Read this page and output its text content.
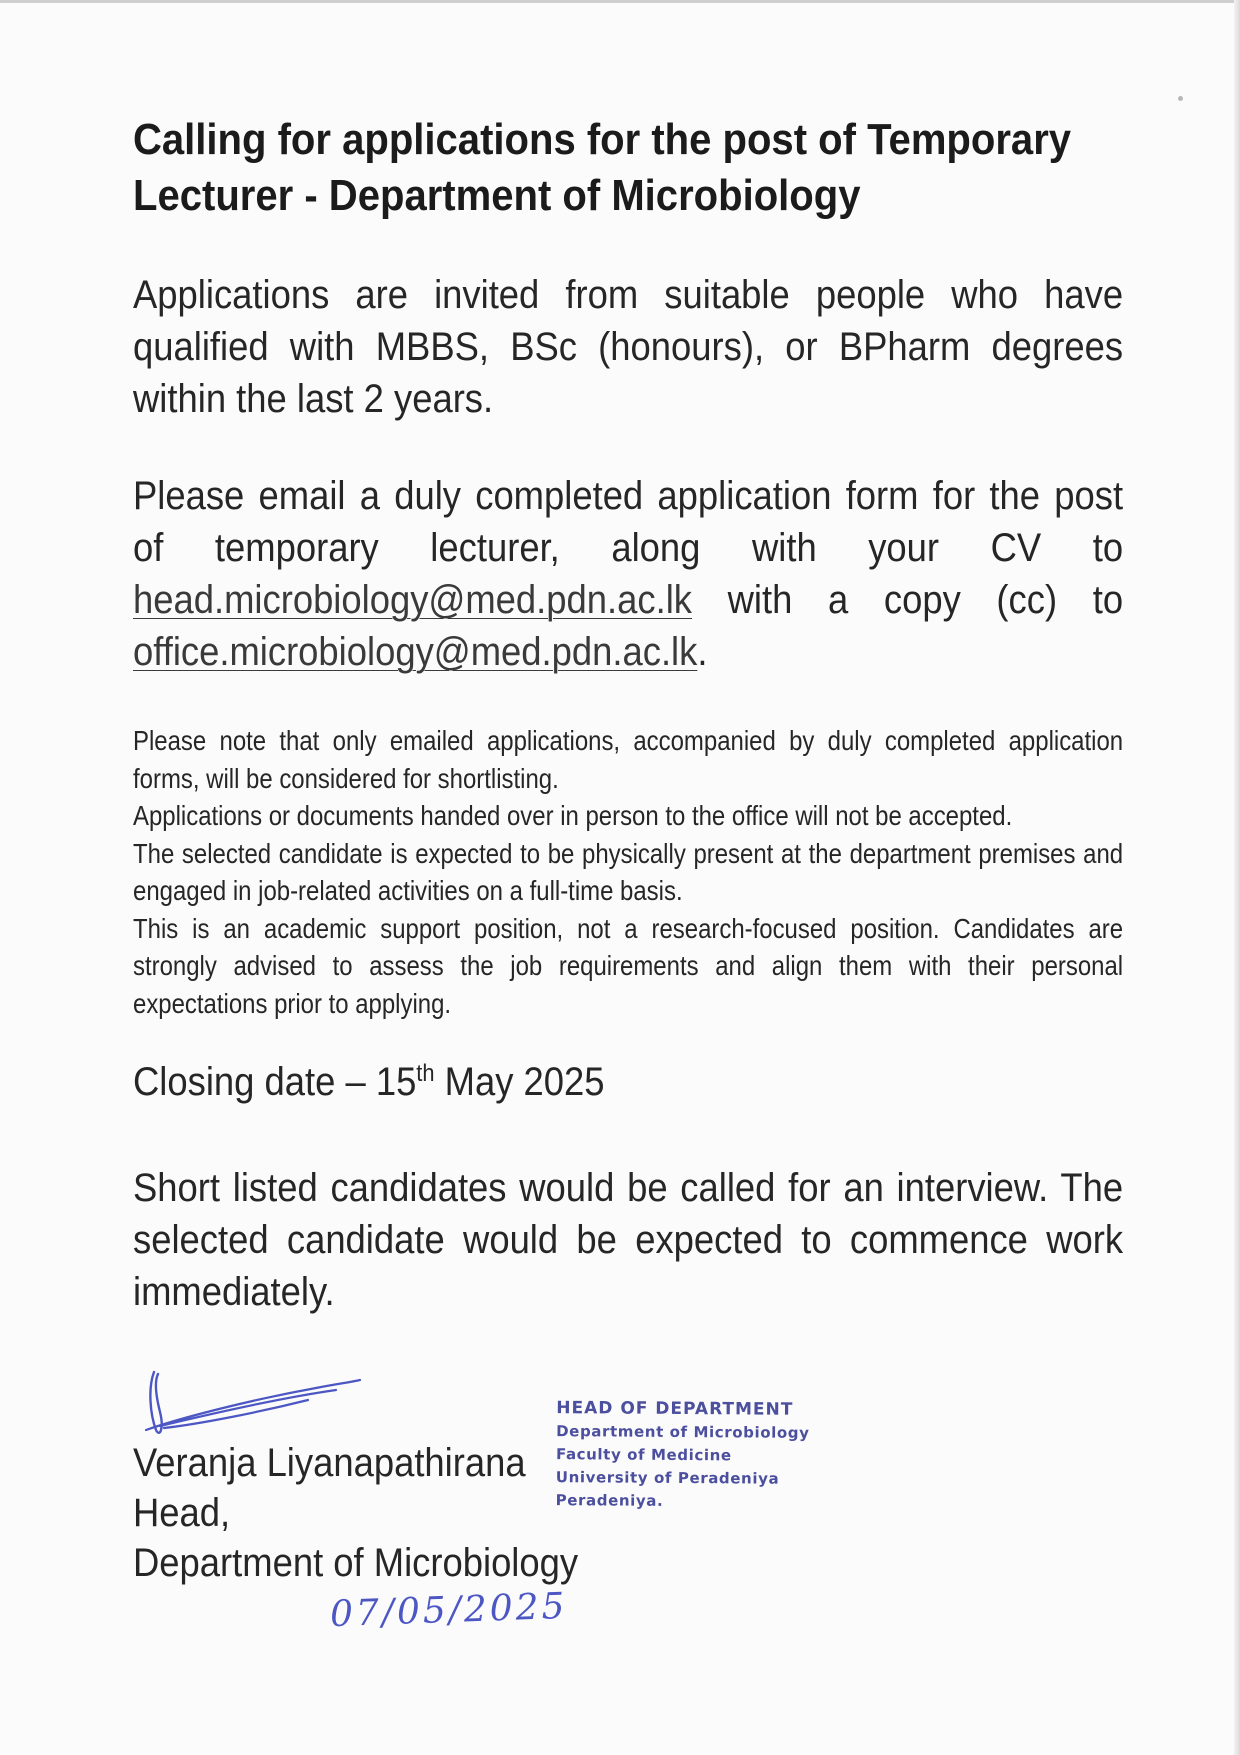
Calling for applications for the post of Temporary Lecturer - Department of Microbiology

Applications are invited from suitable people who have qualified with MBBS, BSc (honours), or BPharm degrees within the last 2 years.

Please email a duly completed application form for the post of temporary lecturer, along with your CV to head.microbiology@med.pdn.ac.lk with a copy (cc) to office.microbiology@med.pdn.ac.lk.

Please note that only emailed applications, accompanied by duly completed application forms, will be considered for shortlisting.

Applications or documents handed over in person to the office will not be accepted.

The selected candidate is expected to be physically present at the department premises and engaged in job-related activities on a full-time basis.

This is an academic support position, not a research-focused position. Candidates are strongly advised to assess the job requirements and align them with their personal expectations prior to applying.

Closing date – 15th May 2025

Short listed candidates would be called for an interview. The selected candidate would be expected to commence work immediately.

Veranja Liyanapathirana

Head,

Department of Microbiology

HEAD OF DEPARTMENT
Department of Microbiology
Faculty of Medicine
University of Peradeniya
Peradeniya.
07/05/2025
